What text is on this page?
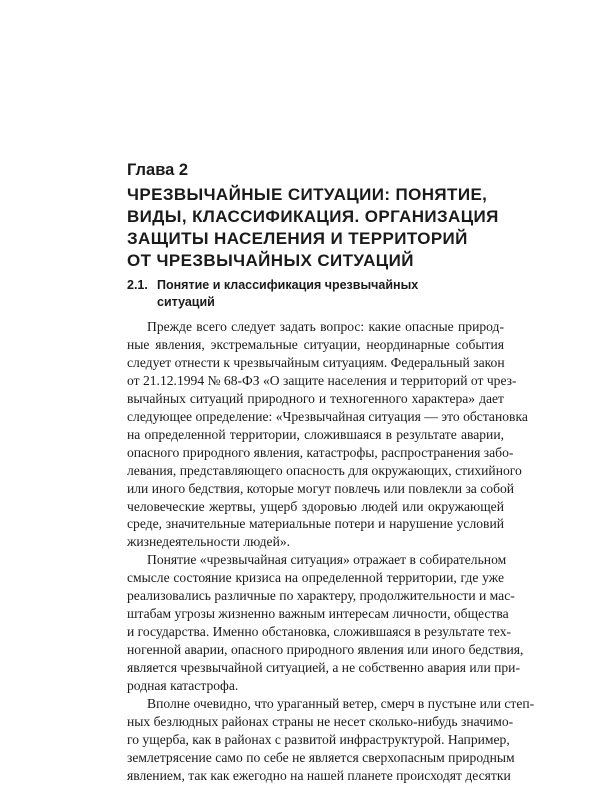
Глава 2
ЧРЕЗВЫЧАЙНЫЕ СИТУАЦИИ: ПОНЯТИЕ,
ВИДЫ, КЛАССИФИКАЦИЯ. ОРГАНИЗАЦИЯ
ЗАЩИТЫ НАСЕЛЕНИЯ И ТЕРРИТОРИЙ
ОТ ЧРЕЗВЫЧАЙНЫХ СИТУАЦИЙ
2.1. Понятие и классификация чрезвычайных
ситуаций

Прежде всего следует задать вопрос: какие опасные природ-
ные явления, экстремальные ситуации, неординарные события
следует отнести к чрезвычайным ситуациям. Федеральный закон
от 21.12.1994 № 68-ФЗ «О защите населения и территорий от чрез-
вычайных ситуаций природного и техногенного характера» дает
следующее определение: «Чрезвычайная ситуация — это обстановка
на определенной территории, сложившаяся в результате аварии,
опасного природного явления, катастрофы, распространения забо-
левания, представляющего опасность для окружающих, стихийного
или иного бедствия, которые могут повлечь или повлекли за собой
человеческие жертвы, ущерб здоровью людей или окружающей
среде, значительные материальные потери и нарушение условий
жизнедеятельности людей».

Понятие «чрезвычайная ситуация» отражает в собирательном
смысле состояние кризиса на определенной территории, где уже
реализовались различные по характеру, продолжительности и мас-
штабам угрозы жизненно важным интересам личности, общества
и государства. Именно обстановка, сложившаяся в результате тех-
ногенной аварии, опасного природного явления или иного бедствия,
является чрезвычайной ситуацией, а не собственно авария или при-
родная катастрофа.

Вполне очевидно, что ураганный ветер, смерч в пустыне или степ-
ных безлюдных районах страны не несет сколько-нибудь значимо-
го ущерба, как в районах с развитой инфраструктурой. Например,
землетрясение само по себе не является сверхопасным природным
явлением, так как ежегодно на нашей планете происходят десятки
